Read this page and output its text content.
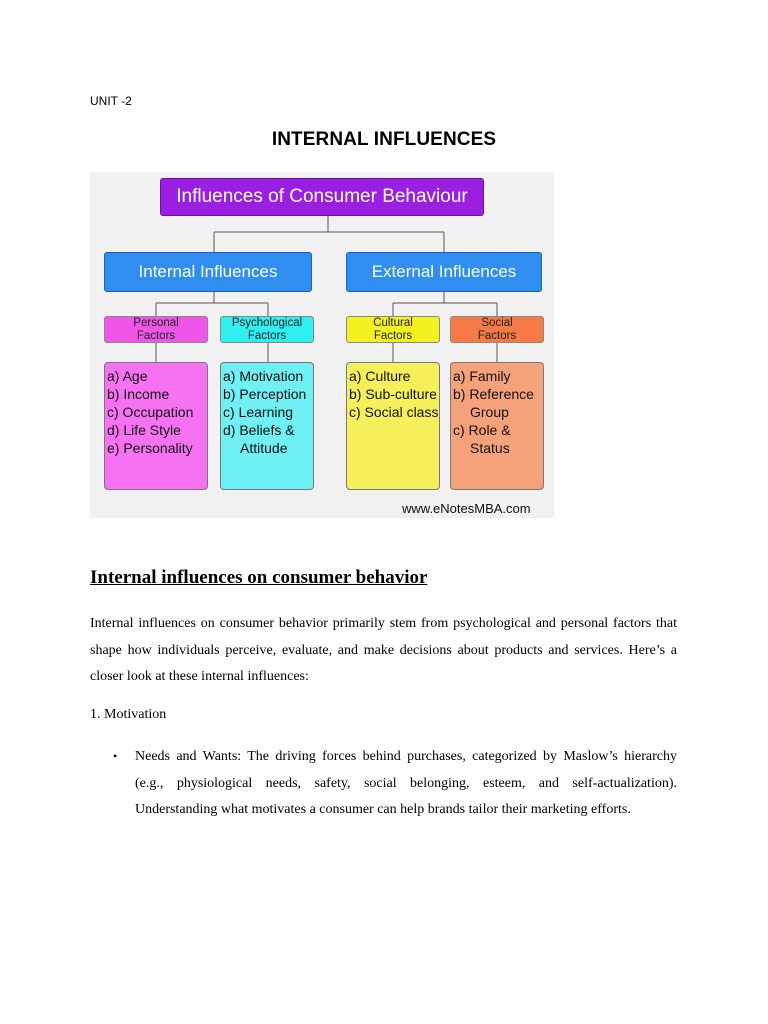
UNIT -2
INTERNAL INFLUENCES
Influences of Consumer Behaviour
Internal Influences	External Influences
Personal
Factors
Psychological
Factors
Cultural
Factors
Social
Factors
a) Age
b) Income
c) Occupation
d) Life Style
e) Personality
a) Motivation
b) Perception
c) Learning
d) Beliefs &
Attitude
a) Culture
b) Sub-culture
c) Social class
a) Family
b) Reference
Group
c) Role &
Status
www.eNotesMBA.com
Internal influences on consumer behavior

Internal influences on consumer behavior primarily stem from psychological and personal factors that shape how individuals perceive, evaluate, and make decisions about products and services. Here’s a closer look at these internal influences:

1. Motivation
• Needs and Wants: The driving forces behind purchases, categorized by Maslow’s hierarchy (e.g., physiological needs, safety, social belonging, esteem, and self-actualization). Understanding what motivates a consumer can help brands tailor their marketing efforts.
